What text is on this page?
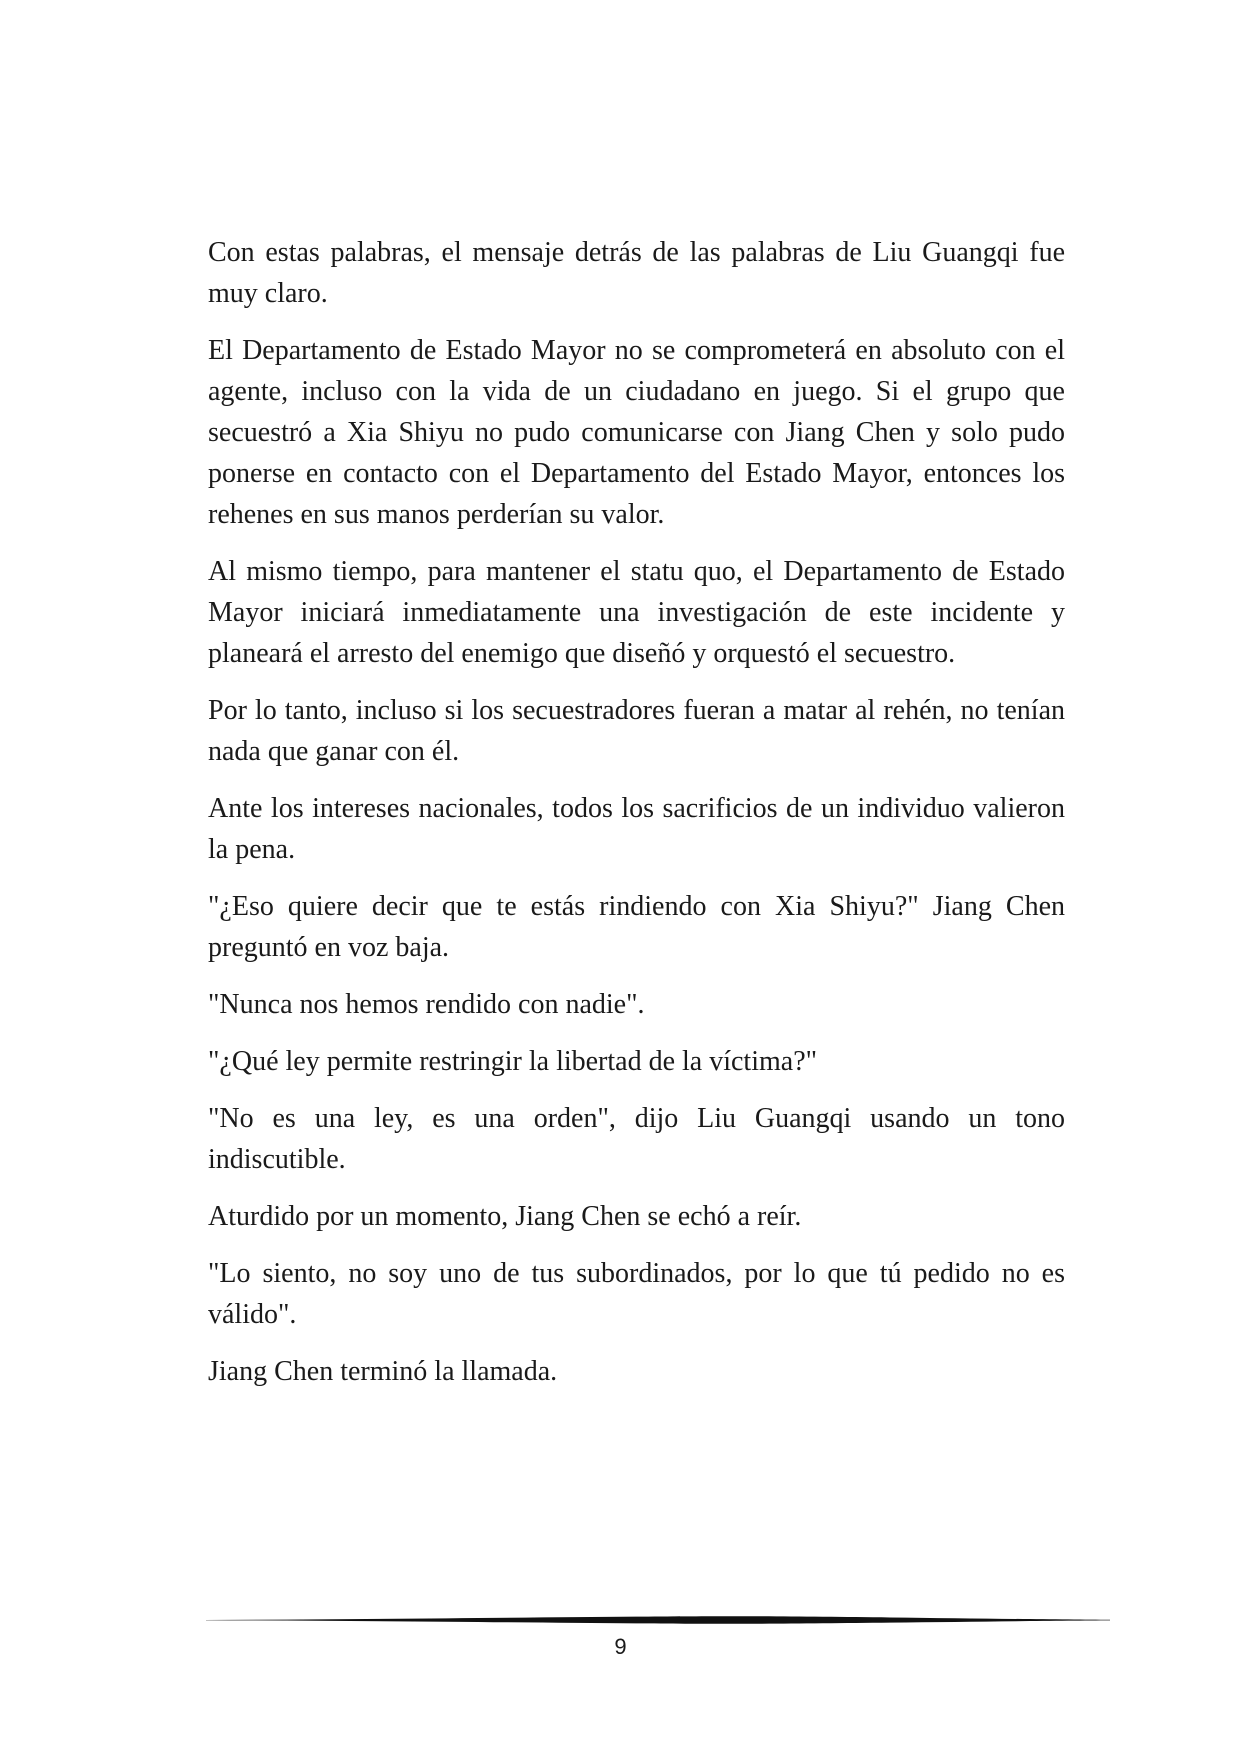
Con estas palabras, el mensaje detrás de las palabras de Liu Guangqi fue muy claro.

El Departamento de Estado Mayor no se comprometerá en absoluto con el agente, incluso con la vida de un ciudadano en juego. Si el grupo que secuestró a Xia Shiyu no pudo comunicarse con Jiang Chen y solo pudo ponerse en contacto con el Departamento del Estado Mayor, entonces los rehenes en sus manos perderían su valor.

Al mismo tiempo, para mantener el statu quo, el Departamento de Estado Mayor iniciará inmediatamente una investigación de este incidente y planeará el arresto del enemigo que diseñó y orquestó el secuestro.

Por lo tanto, incluso si los secuestradores fueran a matar al rehén, no tenían nada que ganar con él.

Ante los intereses nacionales, todos los sacrificios de un individuo valieron la pena.

"¿Eso quiere decir que te estás rindiendo con Xia Shiyu?" Jiang Chen preguntó en voz baja.

"Nunca nos hemos rendido con nadie".

"¿Qué ley permite restringir la libertad de la víctima?"

"No es una ley, es una orden", dijo Liu Guangqi usando un tono indiscutible.

Aturdido por un momento, Jiang Chen se echó a reír.

"Lo siento, no soy uno de tus subordinados, por lo que tú pedido no es válido".

Jiang Chen terminó la llamada.

9
